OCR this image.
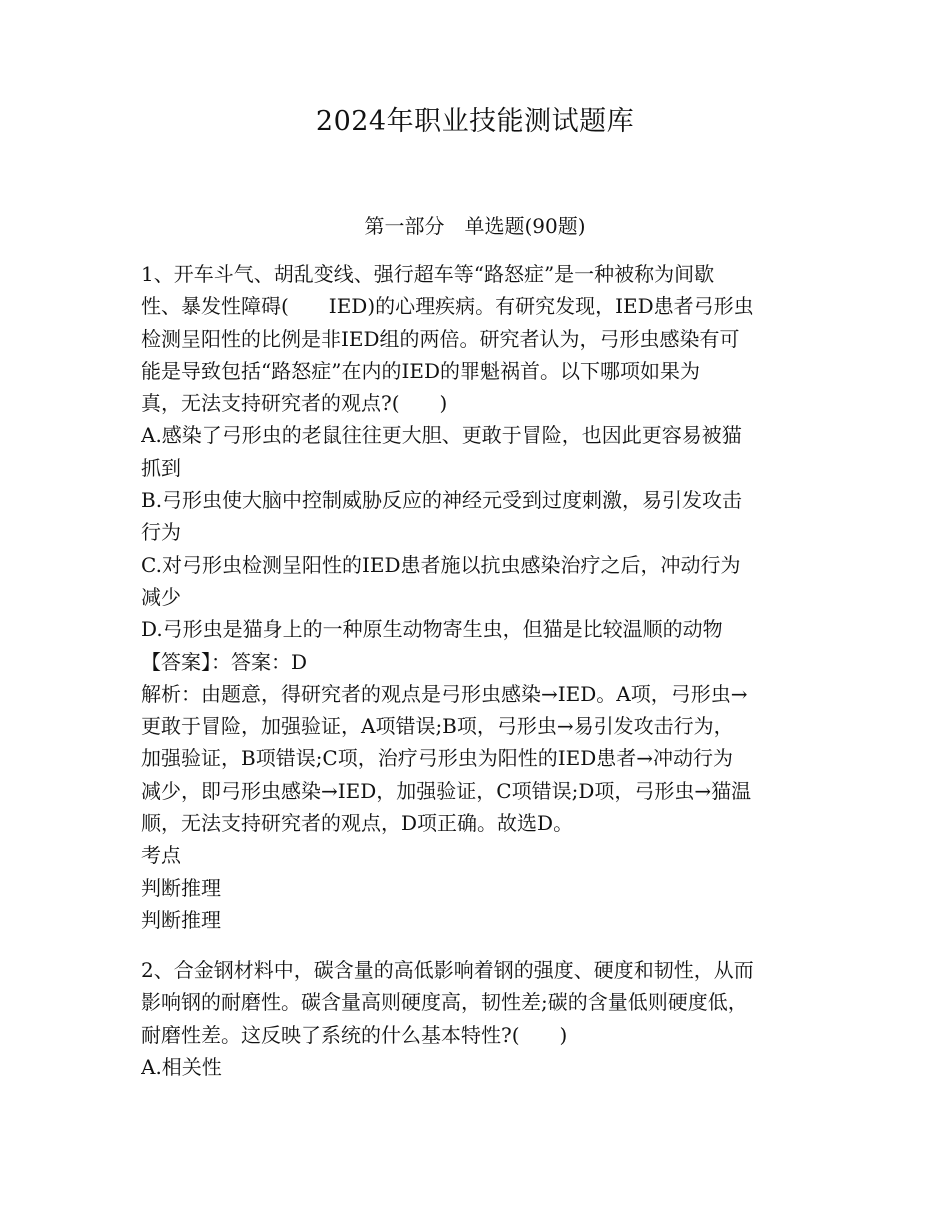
2024年职业技能测试题库
第一部分　单选题(90题)
1、开车斗气、胡乱变线、强行超车等“路怒症”是一种被称为间歇
性、暴发性障碍(　　IED)的心理疾病。有研究发现，IED患者弓形虫
检测呈阳性的比例是非IED组的两倍。研究者认为，弓形虫感染有可
能是导致包括“路怒症”在内的IED的罪魁祸首。以下哪项如果为
真，无法支持研究者的观点?(　　)
A.感染了弓形虫的老鼠往往更大胆、更敢于冒险，也因此更容易被猫
抓到
B.弓形虫使大脑中控制威胁反应的神经元受到过度刺激，易引发攻击
行为
C.对弓形虫检测呈阳性的IED患者施以抗虫感染治疗之后，冲动行为
减少
D.弓形虫是猫身上的一种原生动物寄生虫，但猫是比较温顺的动物
【答案】：答案：D
解析：由题意，得研究者的观点是弓形虫感染→IED。A项，弓形虫→
更敢于冒险，加强验证，A项错误;B项，弓形虫→易引发攻击行为，
加强验证，B项错误;C项，治疗弓形虫为阳性的IED患者→冲动行为
减少，即弓形虫感染→IED，加强验证，C项错误;D项，弓形虫→猫温
顺，无法支持研究者的观点，D项正确。故选D。
考点
判断推理
判断推理
2、合金钢材料中，碳含量的高低影响着钢的强度、硬度和韧性，从而
影响钢的耐磨性。碳含量高则硬度高，韧性差;碳的含量低则硬度低，
耐磨性差。这反映了系统的什么基本特性?(　　)
A.相关性
